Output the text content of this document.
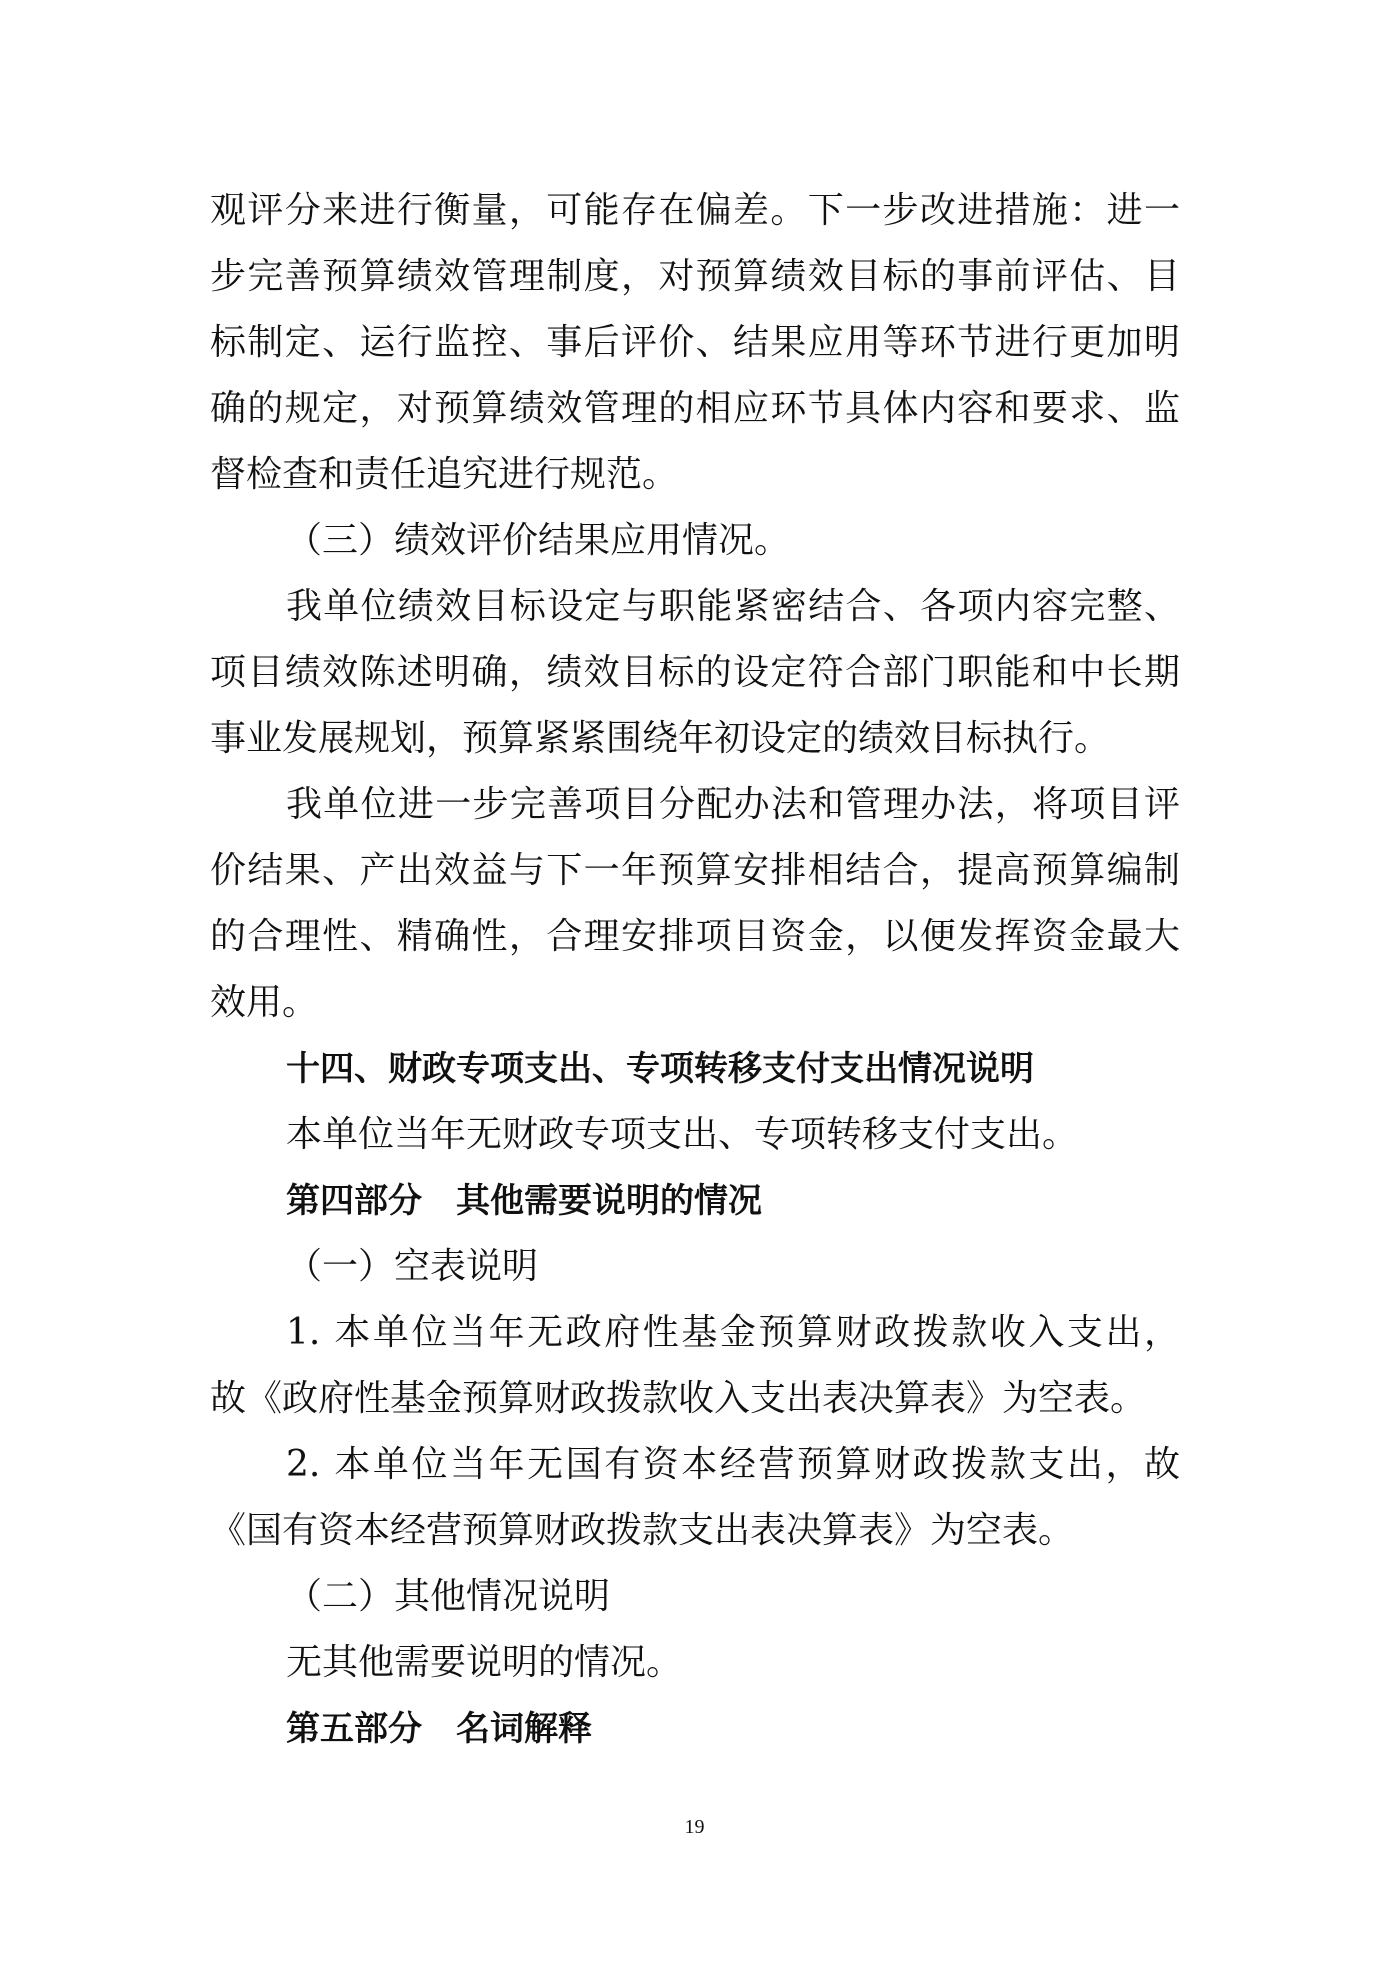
观评分来进行衡量，可能存在偏差。下一步改进措施：进一
步完善预算绩效管理制度，对预算绩效目标的事前评估、目
标制定、运行监控、事后评价、结果应用等环节进行更加明
确的规定，对预算绩效管理的相应环节具体内容和要求、监
督检查和责任追究进行规范。
（三）绩效评价结果应用情况。
我单位绩效目标设定与职能紧密结合、各项内容完整、
项目绩效陈述明确，绩效目标的设定符合部门职能和中长期
事业发展规划，预算紧紧围绕年初设定的绩效目标执行。
我单位进一步完善项目分配办法和管理办法，将项目评
价结果、产出效益与下一年预算安排相结合，提高预算编制
的合理性、精确性，合理安排项目资金，以便发挥资金最大
效用。
十四、财政专项支出、专项转移支付支出情况说明
本单位当年无财政专项支出、专项转移支付支出。
第四部分　其他需要说明的情况
（一）空表说明
1. 本单位当年无政府性基金预算财政拨款收入支出，
故《政府性基金预算财政拨款收入支出表决算表》为空表。
2. 本单位当年无国有资本经营预算财政拨款支出，故
《国有资本经营预算财政拨款支出表决算表》为空表。
（二）其他情况说明
无其他需要说明的情况。
第五部分　名词解释
19
